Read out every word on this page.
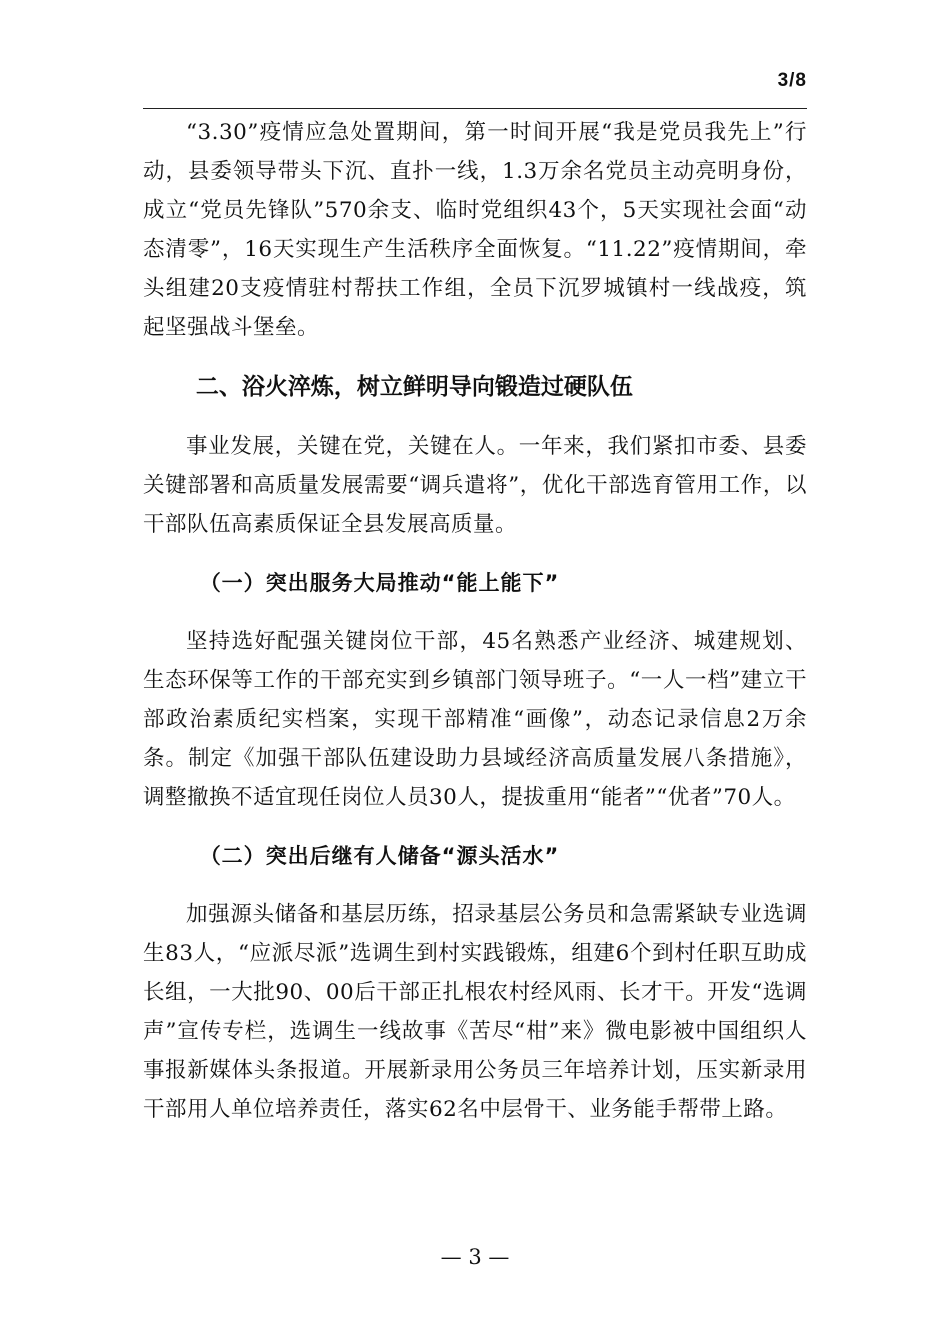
3/8

“3.30”疫情应急处置期间，第一时间开展“我是党员我先上”行动，县委领导带头下沉、直扑一线，1.3万余名党员主动亮明身份，成立“党员先锋队”570余支、临时党组织43个，5天实现社会面“动态清零”，16天实现生产生活秩序全面恢复。“11.22”疫情期间，牵头组建20支疫情驻村帮扶工作组，全员下沉罗城镇村一线战疫，筑起坚强战斗堡垒。

二、浴火淬炼，树立鲜明导向锻造过硬队伍

事业发展，关键在党，关键在人。一年来，我们紧扣市委、县委关键部署和高质量发展需要“调兵遣将”，优化干部选育管用工作，以干部队伍高素质保证全县发展高质量。

（一）突出服务大局推动“能上能下”

坚持选好配强关键岗位干部，45名熟悉产业经济、城建规划、生态环保等工作的干部充实到乡镇部门领导班子。“一人一档”建立干部政治素质纪实档案，实现干部精准“画像”，动态记录信息2万余条。制定《加强干部队伍建设助力县域经济高质量发展八条措施》，调整撤换不适宜现任岗位人员30人，提拔重用“能者”“优者”70人。

（二）突出后继有人储备“源头活水”

加强源头储备和基层历练，招录基层公务员和急需紧缺专业选调生83人，“应派尽派”选调生到村实践锻炼，组建6个到村任职互助成长组，一大批90、00后干部正扎根农村经风雨、长才干。开发“选调声”宣传专栏，选调生一线故事《苦尽“柑”来》微电影被中国组织人事报新媒体头条报道。开展新录用公务员三年培养计划，压实新录用干部用人单位培养责任，落实62名中层骨干、业务能手帮带上路。

— 3 —
